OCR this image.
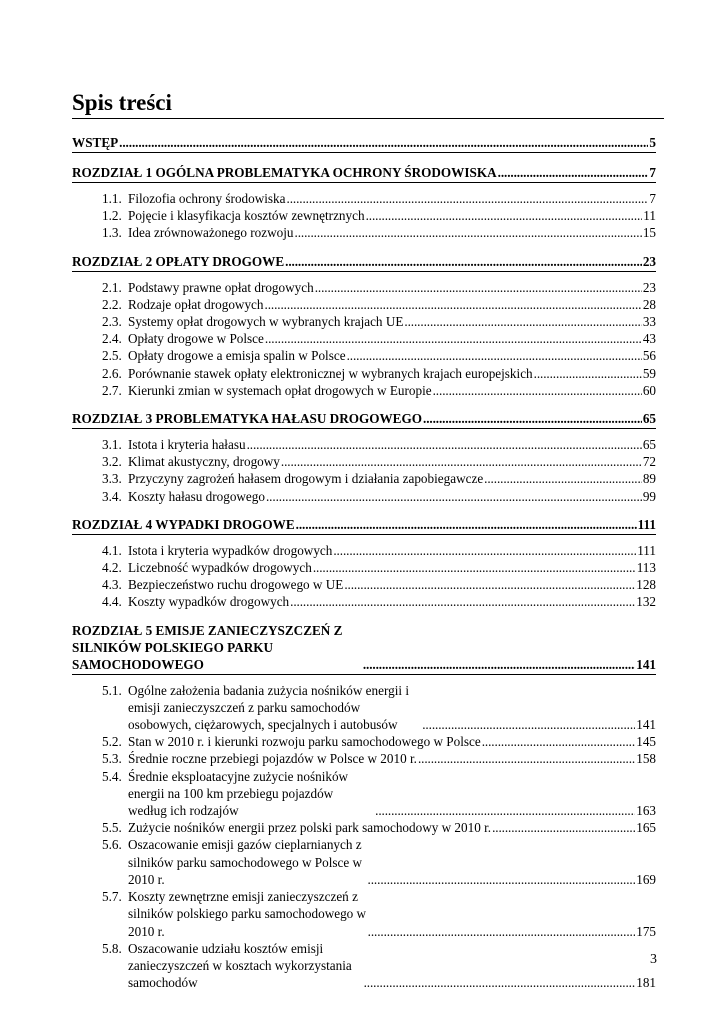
Spis treści
WSTĘP . . .	5
ROZDZIAŁ 1 OGÓLNA PROBLEMATYKA OCHRONY ŚRODOWISKA . . .	7
1.1. Filozofia ochrony środowiska . . .	7
1.2. Pojęcie i klasyfikacja kosztów zewnętrznych . . .	11
1.3. Idea zrównoważonego rozwoju . . .	15
ROZDZIAŁ 2 OPŁATY DROGOWE . . .	23
2.1. Podstawy prawne opłat drogowych . . .	23
2.2. Rodzaje opłat drogowych . . .	28
2.3. Systemy opłat drogowych w wybranych krajach UE . . .	33
2.4. Opłaty drogowe w Polsce . . .	43
2.5. Opłaty drogowe a emisja spalin w Polsce . . .	56
2.6. Porównanie stawek opłaty elektronicznej w wybranych krajach europejskich . . .	59
2.7. Kierunki zmian w systemach opłat drogowych w Europie . . .	60
ROZDZIAŁ 3 PROBLEMATYKA HAŁASU DROGOWEGO . . .	65
3.1. Istota i kryteria hałasu . . .	65
3.2. Klimat akustyczny, drogowy . . .	72
3.3. Przyczyny zagrożeń hałasem drogowym i działania zapobiegawcze . . .	89
3.4. Koszty hałasu drogowego . . .	99
ROZDZIAŁ 4 WYPADKI DROGOWE . . .	111
4.1. Istota i kryteria wypadków drogowych . . .	111
4.2. Liczebność wypadków drogowych . . .	113
4.3. Bezpieczeństwo ruchu drogowego w UE . . .	128
4.4. Koszty wypadków drogowych . . .	132
ROZDZIAŁ 5 EMISJE ZANIECZYSZCZEŃ Z SILNIKÓW POLSKIEGO PARKU SAMOCHODOWEGO . . .	141
5.1. Ogólne założenia badania zużycia nośników energii i emisji zanieczyszczeń z parku samochodów osobowych, ciężarowych, specjalnych i autobusów . . .	141
5.2. Stan w 2010 r. i kierunki rozwoju parku samochodowego w Polsce . . .	145
5.3. Średnie roczne przebiegi pojazdów w Polsce w 2010 r. . . .	158
5.4. Średnie eksploatacyjne zużycie nośników energii na 100 km przebiegu pojazdów według ich rodzajów . . .	163
5.5. Zużycie nośników energii przez polski park samochodowy w 2010 r. . . .	165
5.6. Oszacowanie emisji gazów cieplarnianych z silników parku samochodowego w Polsce w 2010 r. . . .	169
5.7. Koszty zewnętrzne emisji zanieczyszczeń z silników polskiego parku samochodowego w 2010 r. . . .	175
5.8. Oszacowanie udziału kosztów emisji zanieczyszczeń w kosztach wykorzystania samochodów . . .	181
3
